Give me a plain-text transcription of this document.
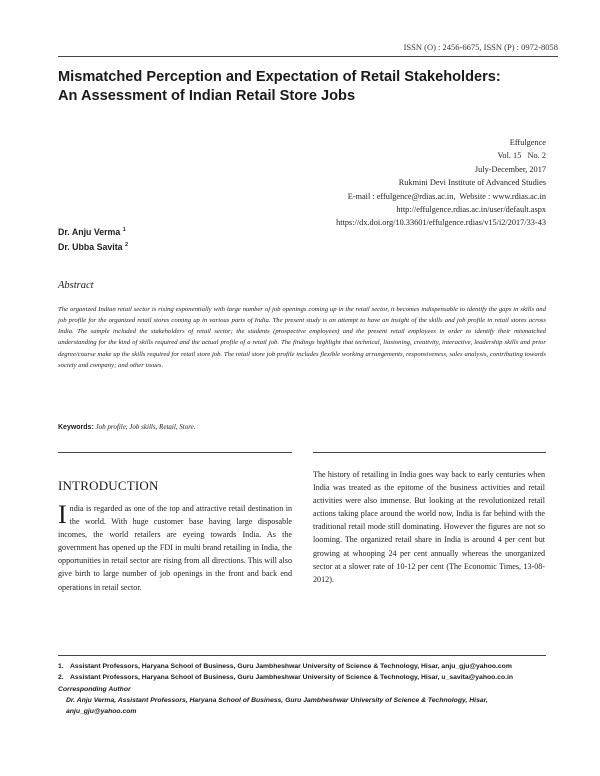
ISSN (O) : 2456-6675, ISSN (P) : 0972-8058
Mismatched Perception and Expectation of Retail Stakeholders:
An Assessment of Indian Retail Store Jobs
Effulgence
Vol. 15   No. 2
July-December, 2017
Rukmini Devi Institute of Advanced Studies
E-mail : effulgence@rdias.ac.in,  Website : www.rdias.ac.in
http://effulgence.rdias.ac.in/user/default.aspx
https://dx.doi.org/10.33601/effulgence.rdias/v15/i2/2017/33-43
Dr. Anju Verma $^1$
Dr. Ubba Savita $^2$
Abstract

The organized Indian retail sector is rising exponentially with large number of job openings coming up in the retail sector, it becomes indispensable to identify the gaps in skills and job profile for the organized retail stores coming up in various parts of India. The present study is an attempt to have an insight of the skills and job profile in retail stores across India. The sample included the stakeholders of retail sector; the students (prospective employees) and the present retail employees in order to identify their mismatched understanding for the kind of skills required and the actual profile of a retail job. The findings highlight that technical, liasioning, creativity, interactive, leadership skills and prior degree/course make up the skills required for retail store job. The retail store job profile includes flexible working arrangements, responsiveness, sales analysis, contributing towards society and company; and other issues.

Keywords: Job profile, Job skills, Retail, Store.
INTRODUCTION

India is regarded as one of the top and attractive retail destination in the world. With huge customer base having large disposable incomes, the world retailers are eyeing towards India. As the government has opened up the FDI in multi brand retailing in India, the opportunities in retail sector are rising from all directions. This will also give birth to large number of job openings in the front and back end operations in retail sector.

The history of retailing in India goes way back to early centuries when India was treated as the epitome of the business activities and retail activities were also immense. But looking at the revolutionized retail actions taking place around the world now, India is far behind with the traditional retail mode still dominating. However the figures are not so looming. The organized retail share in India is around 4 per cent but growing at whooping 24 per cent annually whereas the unorganized sector at a slower rate of 10-12 per cent (The Economic Times, 13-08-2012).

1. Assistant Professors, Haryana School of Business, Guru Jambheshwar University of Science & Technology, Hisar, anju_gju@yahoo.com
2. Assistant Professors, Haryana School of Business, Guru Jambheshwar University of Science & Technology, Hisar, u_savita@yahoo.co.in
Corresponding Author
Dr. Anju Verma, Assistant Professors, Haryana School of Business, Guru Jambheshwar University of Science & Technology, Hisar, anju_gju@yahoo.com
